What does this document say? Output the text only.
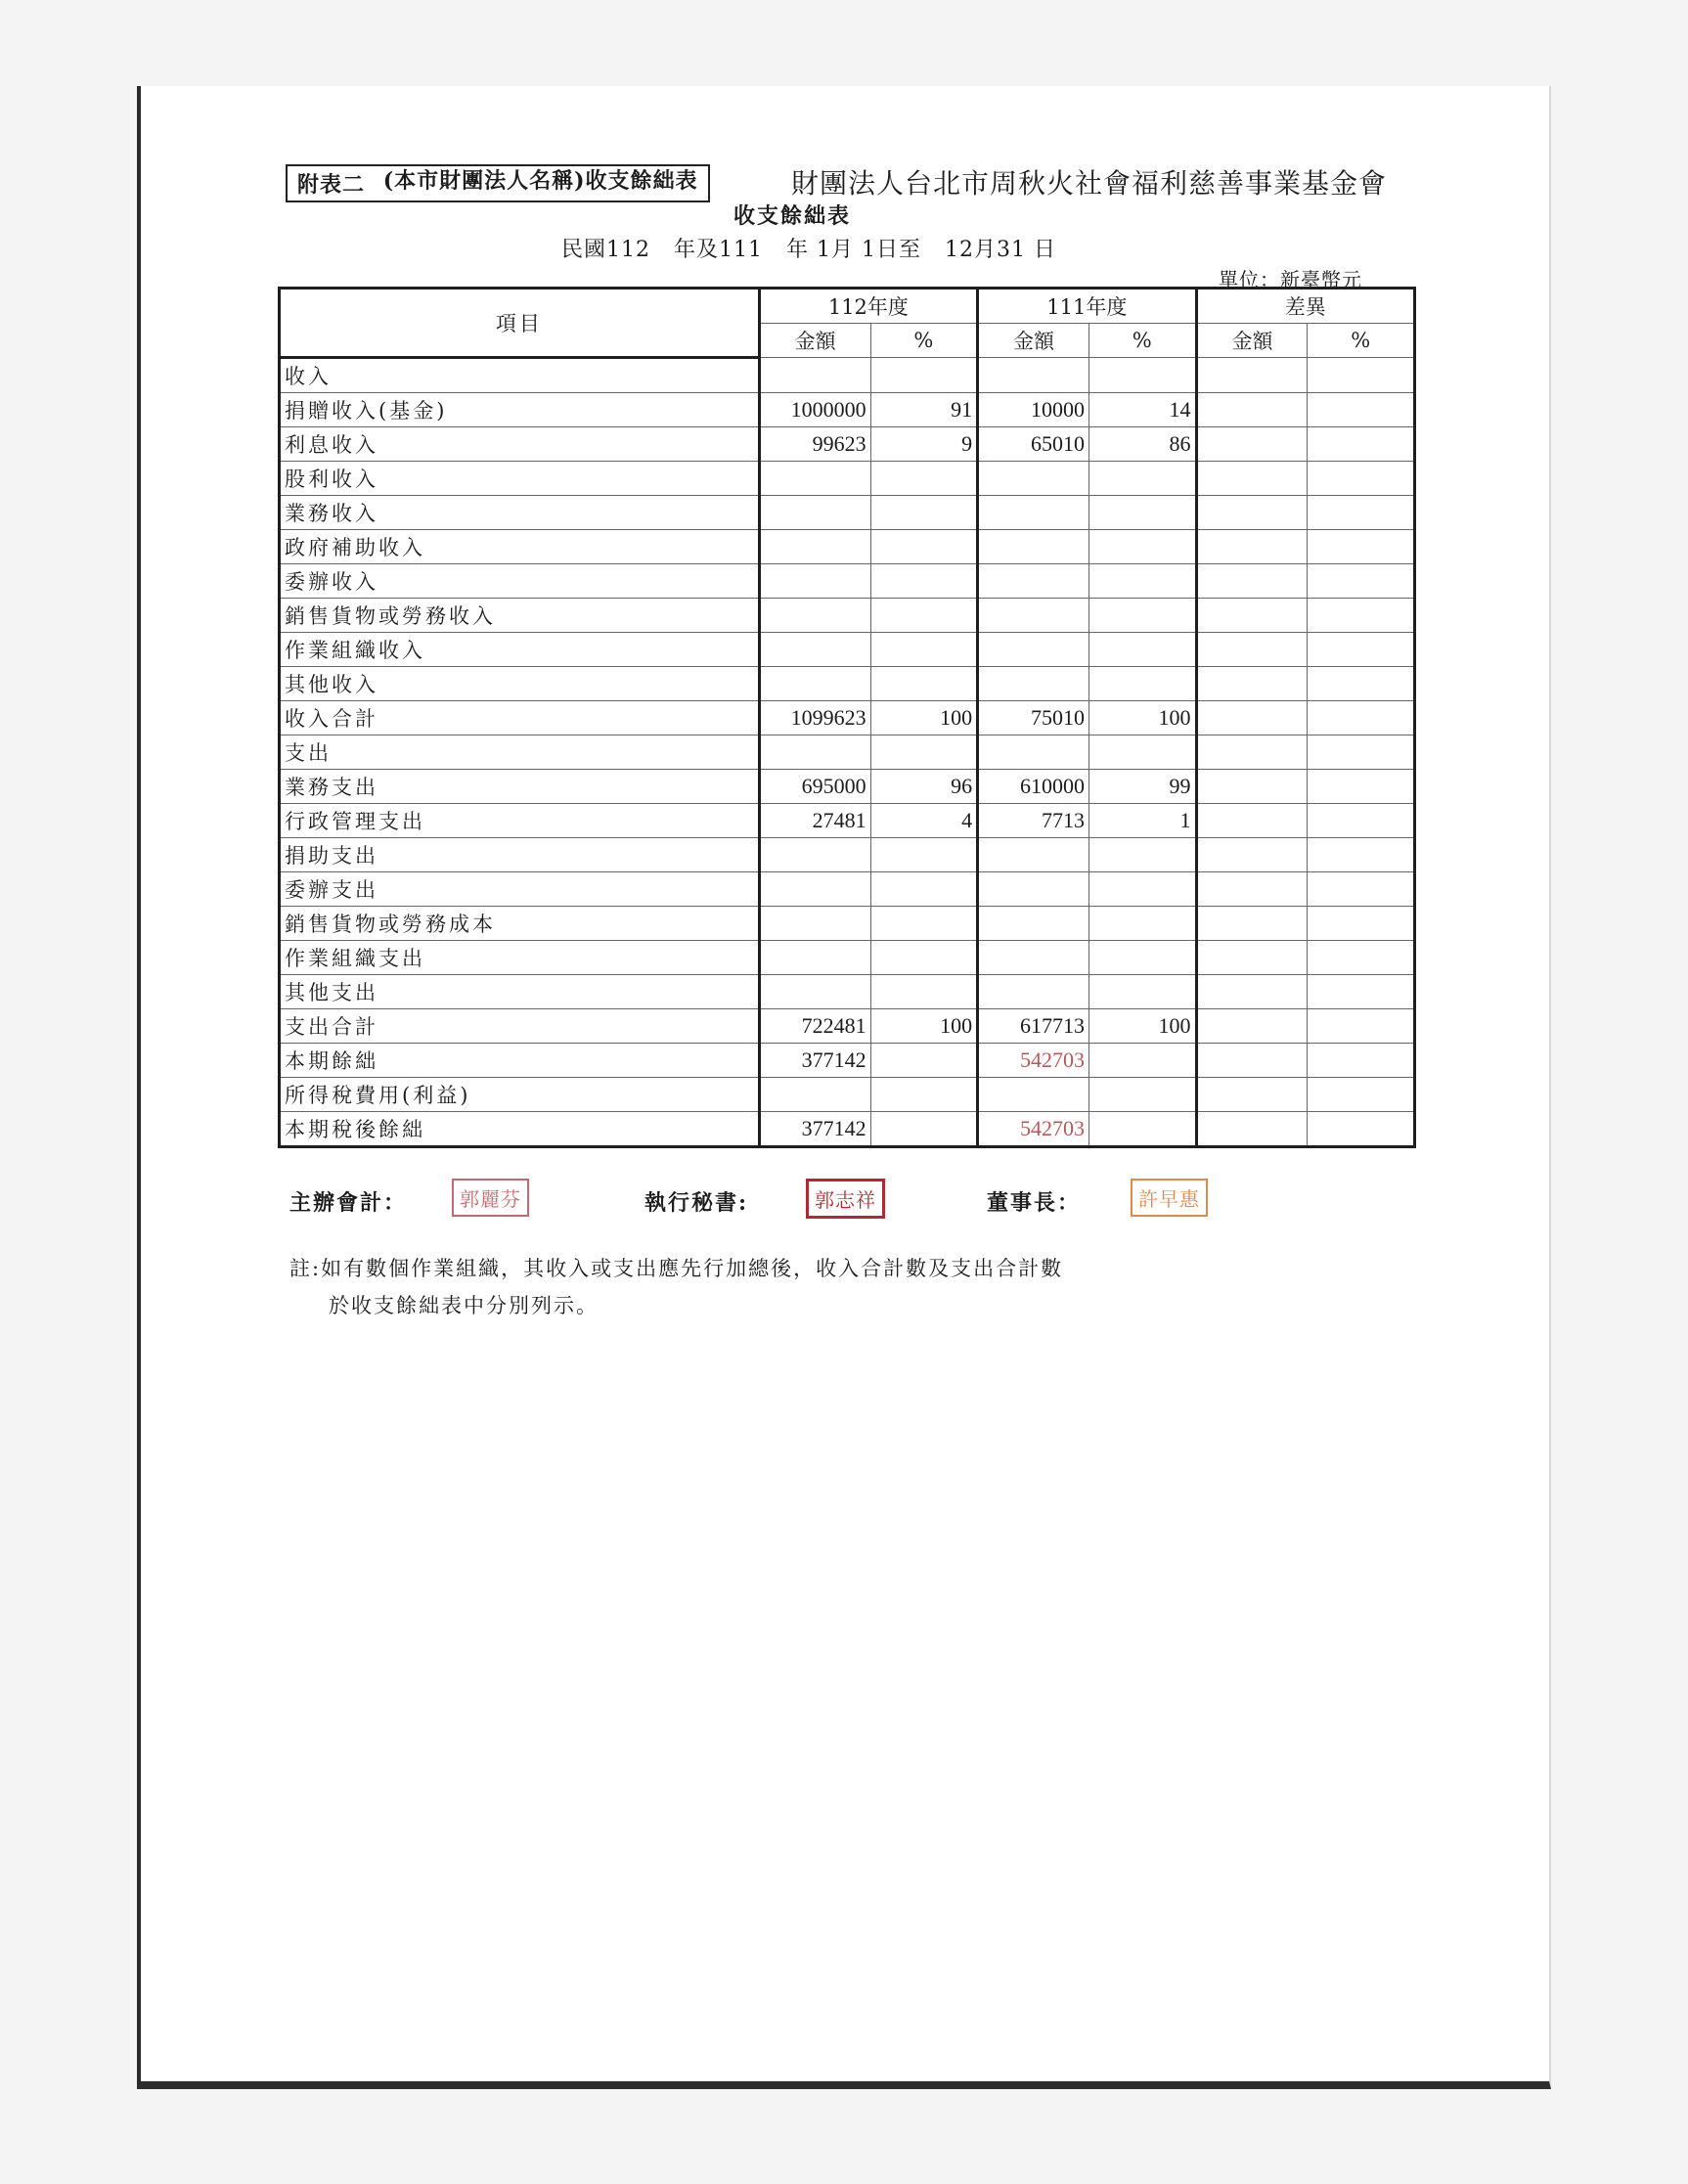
附表二 (本市財團法人名稱)收支餘絀表	財團法人台北市周秋火社會福利慈善事業基金會
收支餘絀表
民國112 年及111 年 1月 1日至 12月31 日
單位：新臺幣元
項目	112年度		111年度		差異	
	金額	%	金額	%	金額	%
收入						
捐贈收入(基金)	1000000	91	10000	14		
利息收入	99623	9	65010	86		
股利收入						
業務收入						
政府補助收入						
委辦收入						
銷售貨物或勞務收入						
作業組織收入						
其他收入						
收入合計	1099623	100	75010	100		
支出						
業務支出	695000	96	610000	99		
行政管理支出	27481	4	7713	1		
捐助支出						
委辦支出						
銷售貨物或勞務成本						
作業組織支出						
其他支出						
支出合計	722481	100	617713	100		
本期餘絀	377142		542703			
所得稅費用(利益)						
本期稅後餘絀	377142		542703			
主辦會計：	郭麗芬	執行秘書:	郭志祥	董事長：	許早惠
註:如有數個作業組織，其收入或支出應先行加總後，收入合計數及支出合計數
於收支餘絀表中分別列示。
